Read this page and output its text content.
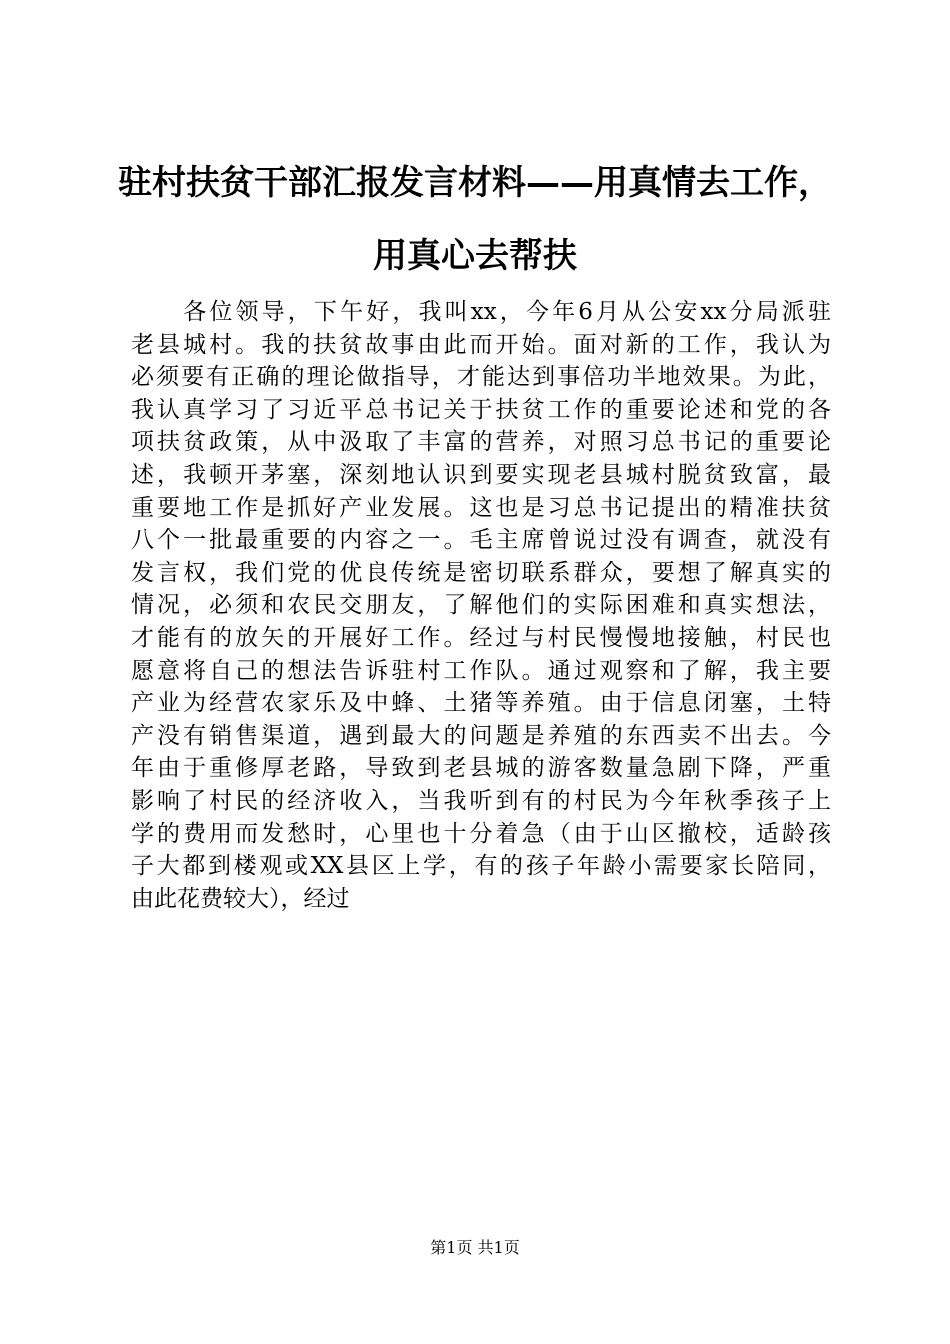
驻村扶贫干部汇报发言材料——用真情去工作，
用真心去帮扶
　　各位领导，下午好，我叫xx，今年6月从公安xx分局派驻
老县城村。我的扶贫故事由此而开始。面对新的工作，我认为
必须要有正确的理论做指导，才能达到事倍功半地效果。为此，
我认真学习了习近平总书记关于扶贫工作的重要论述和党的各
项扶贫政策，从中汲取了丰富的营养，对照习总书记的重要论
述，我顿开茅塞，深刻地认识到要实现老县城村脱贫致富，最
重要地工作是抓好产业发展。这也是习总书记提出的精准扶贫
八个一批最重要的内容之一。毛主席曾说过没有调查，就没有
发言权，我们党的优良传统是密切联系群众，要想了解真实的
情况，必须和农民交朋友，了解他们的实际困难和真实想法，
才能有的放矢的开展好工作。经过与村民慢慢地接触，村民也
愿意将自己的想法告诉驻村工作队。通过观察和了解，我主要
产业为经营农家乐及中蜂、土猪等养殖。由于信息闭塞，土特
产没有销售渠道，遇到最大的问题是养殖的东西卖不出去。今
年由于重修厚老路，导致到老县城的游客数量急剧下降，严重
影响了村民的经济收入，当我听到有的村民为今年秋季孩子上
学的费用而发愁时，心里也十分着急（由于山区撤校，适龄孩
子大都到楼观或XX县区上学，有的孩子年龄小需要家长陪同，
由此花费较大），经过
第1页 共1页
